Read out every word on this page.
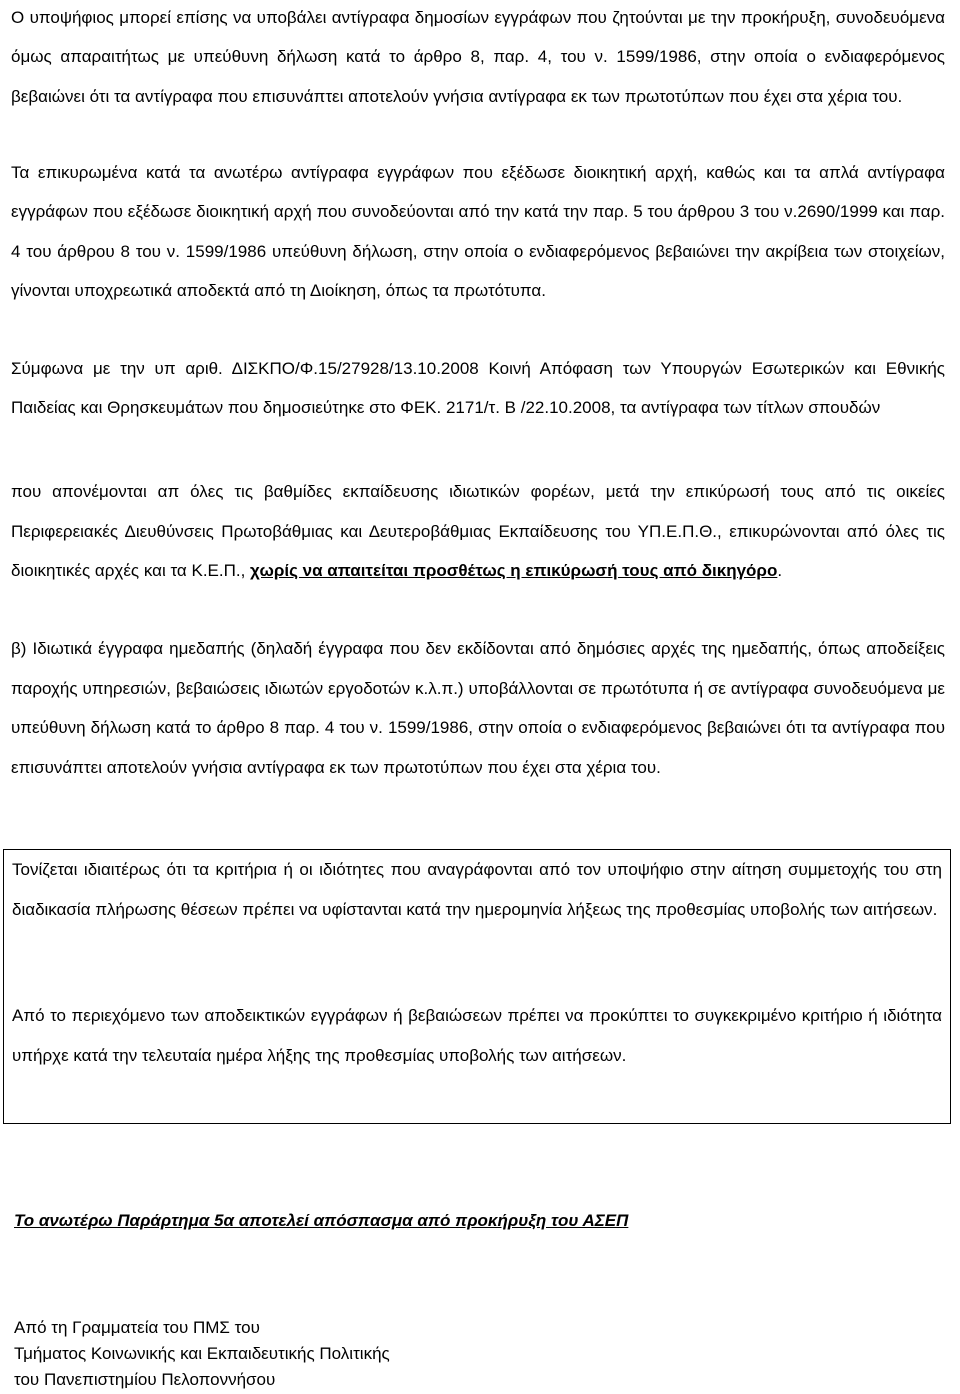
Ο υποψήφιος μπορεί επίσης να υποβάλει αντίγραφα δημοσίων εγγράφων που ζητούνται με την προκήρυξη, συνοδευόμενα όμως απαραιτήτως με υπεύθυνη δήλωση κατά το άρθρο 8, παρ. 4, του ν. 1599/1986, στην οποία ο ενδιαφερόμενος βεβαιώνει ότι τα αντίγραφα που επισυνάπτει αποτελούν γνήσια αντίγραφα εκ των πρωτοτύπων που έχει στα χέρια του.

Τα επικυρωμένα κατά τα ανωτέρω αντίγραφα εγγράφων που εξέδωσε διοικητική αρχή, καθώς και τα απλά αντίγραφα εγγράφων που εξέδωσε διοικητική αρχή που συνοδεύονται από την κατά την παρ. 5 του άρθρου 3 του ν.2690/1999 και παρ. 4 του άρθρου 8 του ν. 1599/1986 υπεύθυνη δήλωση, στην οποία ο ενδιαφερόμενος βεβαιώνει την ακρίβεια των στοιχείων, γίνονται υποχρεωτικά αποδεκτά από τη Διοίκηση, όπως τα πρωτότυπα.

Σύμφωνα με την υπ αριθ. ΔΙΣΚΠΟ/Φ.15/27928/13.10.2008 Κοινή Απόφαση των Υπουργών Εσωτερικών και Εθνικής Παιδείας και Θρησκευμάτων που δημοσιεύτηκε στο ΦΕΚ. 2171/τ. Β /22.10.2008, τα αντίγραφα των τίτλων σπουδών

που απονέμονται απ όλες τις βαθμίδες εκπαίδευσης ιδιωτικών φορέων, μετά την επικύρωσή τους από τις οικείες Περιφερειακές Διευθύνσεις Πρωτοβάθμιας και Δευτεροβάθμιας Εκπαίδευσης του ΥΠ.Ε.Π.Θ., επικυρώνονται από όλες τις διοικητικές αρχές και τα Κ.Ε.Π., χωρίς να απαιτείται προσθέτως η επικύρωσή τους από δικηγόρο.

β) Ιδιωτικά έγγραφα ημεδαπής (δηλαδή έγγραφα που δεν εκδίδονται από δημόσιες αρχές της ημεδαπής, όπως αποδείξεις παροχής υπηρεσιών, βεβαιώσεις ιδιωτών εργοδοτών κ.λ.π.) υποβάλλονται σε πρωτότυπα ή σε αντίγραφα συνοδευόμενα με υπεύθυνη δήλωση κατά το άρθρο 8 παρ. 4 του ν. 1599/1986, στην οποία ο ενδιαφερόμενος βεβαιώνει ότι τα αντίγραφα που επισυνάπτει αποτελούν γνήσια αντίγραφα εκ των πρωτοτύπων που έχει στα χέρια του.

Τονίζεται ιδιαιτέρως ότι τα κριτήρια ή οι ιδιότητες που αναγράφονται από τον υποψήφιο στην αίτηση συμμετοχής του στη διαδικασία πλήρωσης θέσεων πρέπει να υφίστανται κατά την ημερομηνία λήξεως της προθεσμίας υποβολής των αιτήσεων.

Από το περιεχόμενο των αποδεικτικών εγγράφων ή βεβαιώσεων πρέπει να προκύπτει το συγκεκριμένο κριτήριο ή ιδιότητα υπήρχε κατά την τελευταία ημέρα λήξης της προθεσμίας υποβολής των αιτήσεων.

Το ανωτέρω Παράρτημα 5α αποτελεί απόσπασμα από προκήρυξη του ΑΣΕΠ
Από τη Γραμματεία του ΠΜΣ του
Τμήματος Κοινωνικής και Εκπαιδευτικής Πολιτικής
του Πανεπιστημίου Πελοποννήσου
